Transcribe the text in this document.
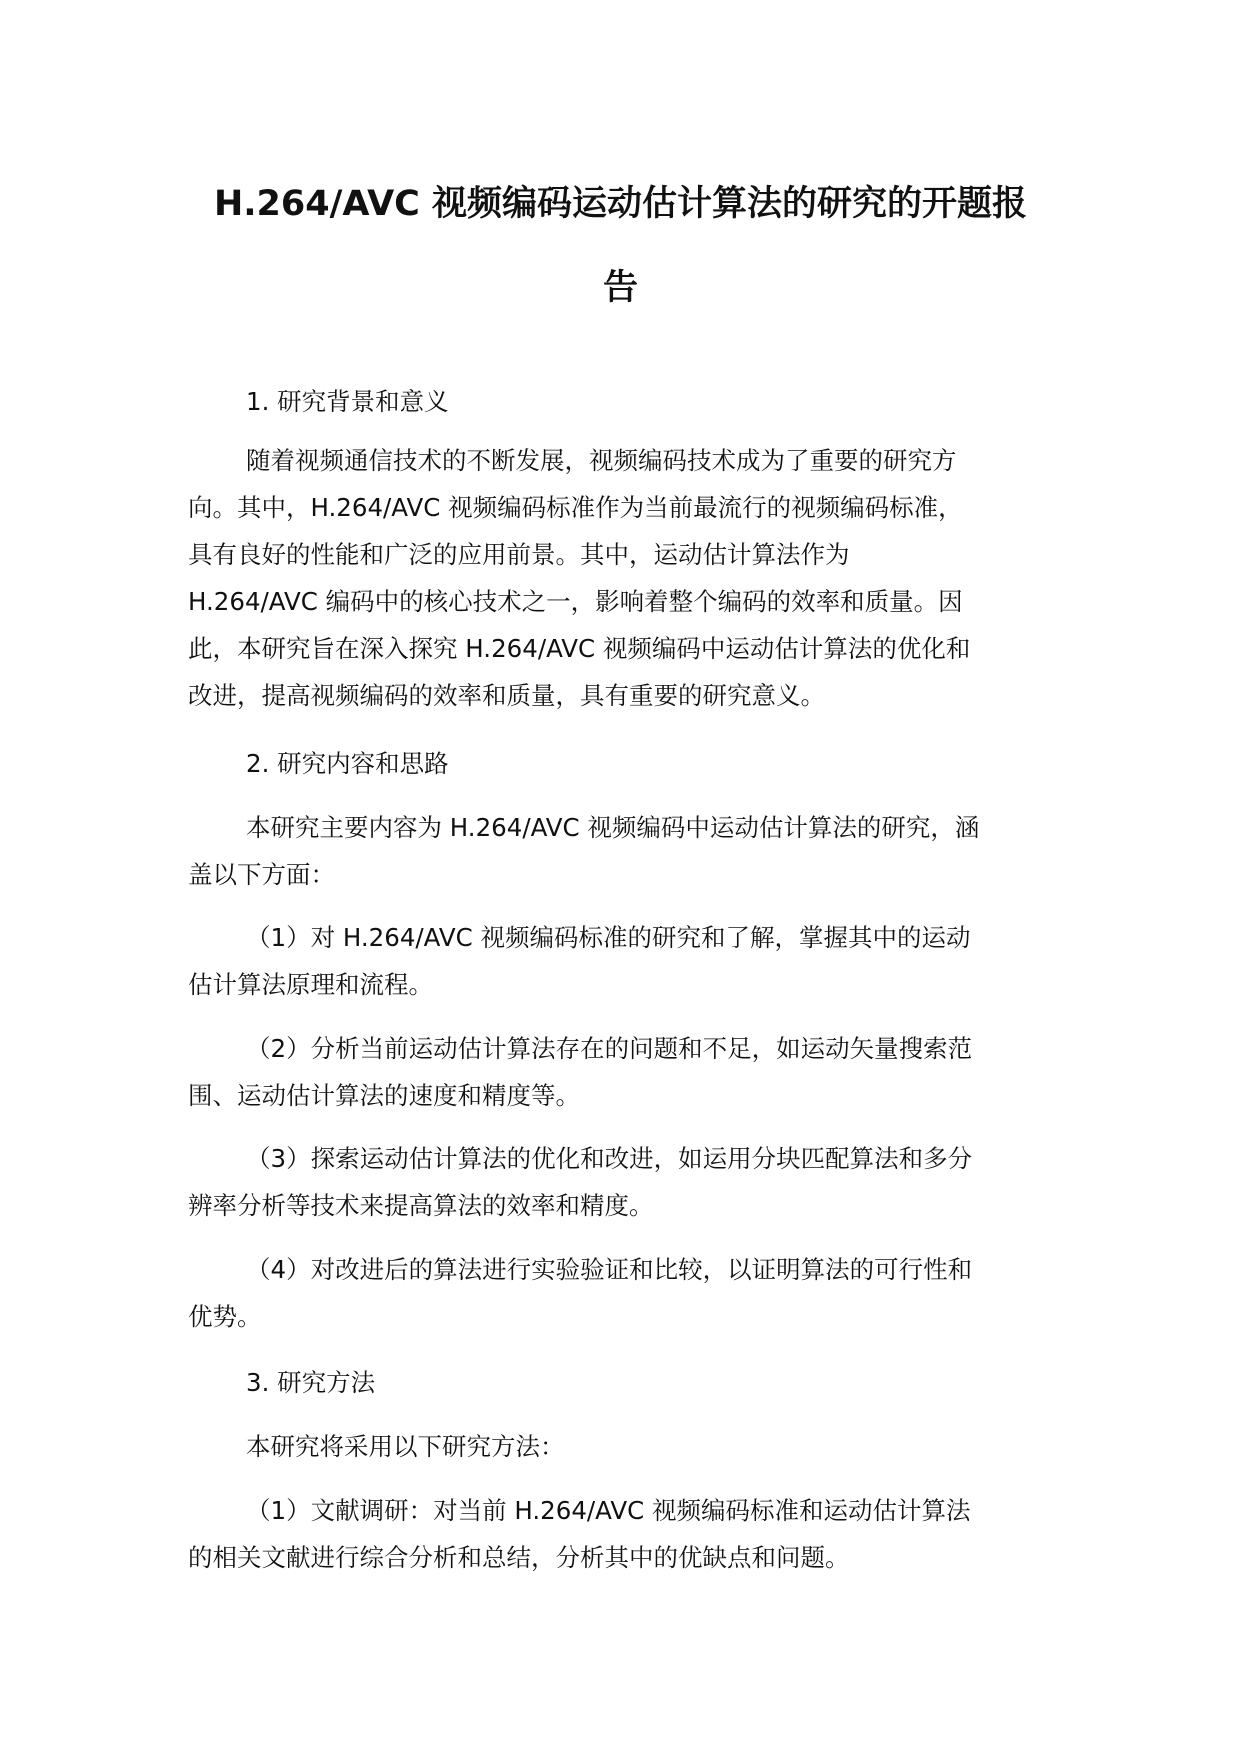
H.264/AVC 视频编码运动估计算法的研究的开题报
告

1. 研究背景和意义

随着视频通信技术的不断发展，视频编码技术成为了重要的研究方
向。其中，H.264/AVC 视频编码标准作为当前最流行的视频编码标准，
具有良好的性能和广泛的应用前景。其中，运动估计算法作为
H.264/AVC 编码中的核心技术之一，影响着整个编码的效率和质量。因
此，本研究旨在深入探究 H.264/AVC 视频编码中运动估计算法的优化和
改进，提高视频编码的效率和质量，具有重要的研究意义。

2. 研究内容和思路

本研究主要内容为 H.264/AVC 视频编码中运动估计算法的研究，涵
盖以下方面：

（1）对 H.264/AVC 视频编码标准的研究和了解，掌握其中的运动
估计算法原理和流程。

（2）分析当前运动估计算法存在的问题和不足，如运动矢量搜索范
围、运动估计算法的速度和精度等。

（3）探索运动估计算法的优化和改进，如运用分块匹配算法和多分
辨率分析等技术来提高算法的效率和精度。

（4）对改进后的算法进行实验验证和比较，以证明算法的可行性和
优势。

3. 研究方法

本研究将采用以下研究方法：

（1）文献调研：对当前 H.264/AVC 视频编码标准和运动估计算法
的相关文献进行综合分析和总结，分析其中的优缺点和问题。
